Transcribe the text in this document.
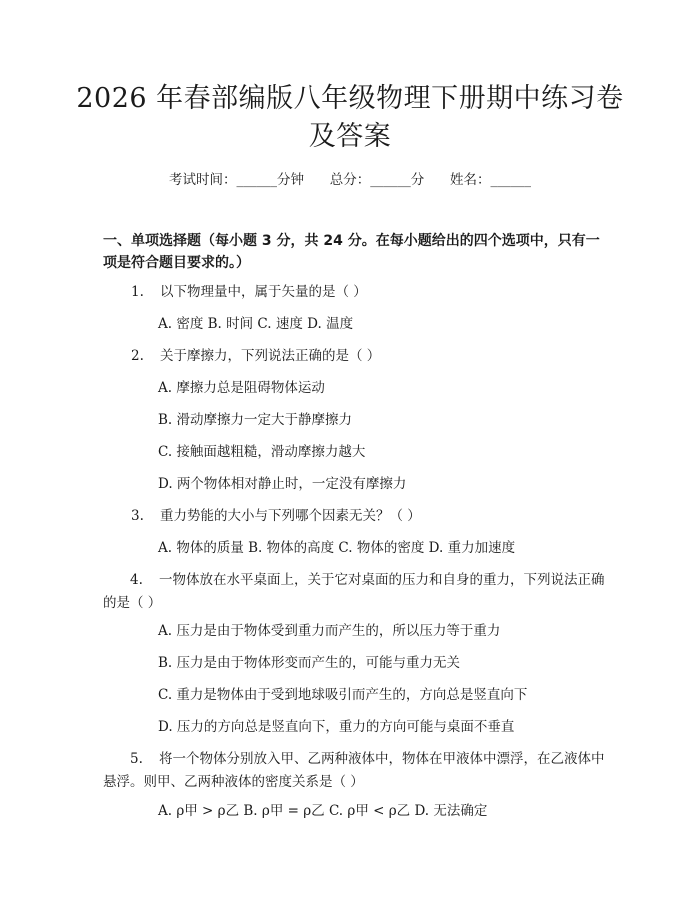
2026 年春部编版八年级物理下册期中练习卷
及答案
考试时间：______分钟      总分：______分      姓名：______
一、单项选择题（每小题 3 分，共 24 分。在每小题给出的四个选项中，只有一项是符合题目要求的。）
1. 以下物理量中，属于矢量的是（ ）
A. 密度 B. 时间 C. 速度 D. 温度
2. 关于摩擦力，下列说法正确的是（ ）
A. 摩擦力总是阻碍物体运动
B. 滑动摩擦力一定大于静摩擦力
C. 接触面越粗糙，滑动摩擦力越大
D. 两个物体相对静止时，一定没有摩擦力
3. 重力势能的大小与下列哪个因素无关？（ ）
A. 物体的质量 B. 物体的高度 C. 物体的密度 D. 重力加速度
4. 一物体放在水平桌面上，关于它对桌面的压力和自身的重力，下列说法正确的是（ ）
A. 压力是由于物体受到重力而产生的，所以压力等于重力
B. 压力是由于物体形变而产生的，可能与重力无关
C. 重力是物体由于受到地球吸引而产生的，方向总是竖直向下
D. 压力的方向总是竖直向下，重力的方向可能与桌面不垂直
5. 将一个物体分别放入甲、乙两种液体中，物体在甲液体中漂浮，在乙液体中悬浮。则甲、乙两种液体的密度关系是（ ）
A. ρ甲 > ρ乙 B. ρ甲 = ρ乙 C. ρ甲 < ρ乙 D. 无法确定
